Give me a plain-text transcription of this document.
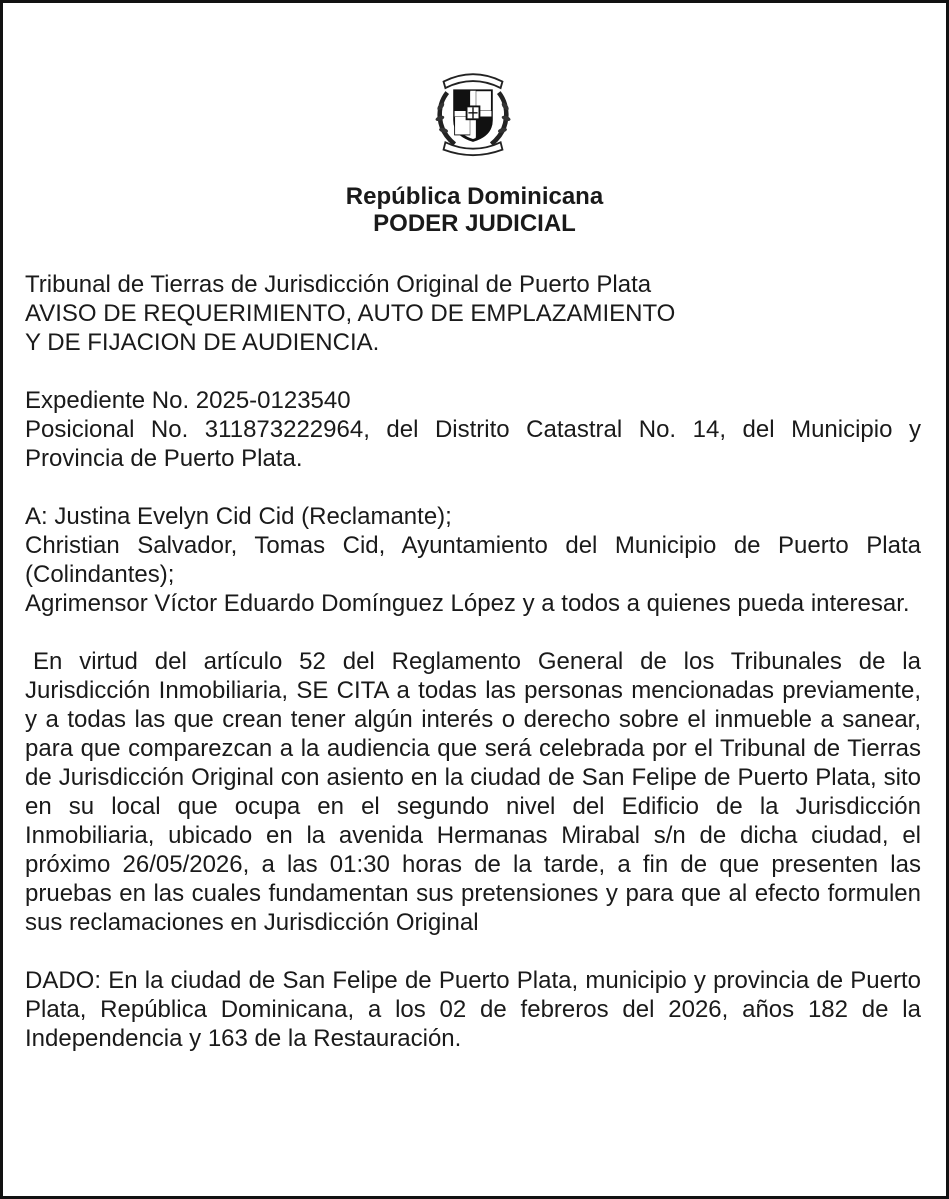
República Dominicana
PODER JUDICIAL

Tribunal de Tierras de Jurisdicción Original de Puerto Plata

AVISO DE REQUERIMIENTO, AUTO DE EMPLAZAMIENTO

Y DE FIJACION DE AUDIENCIA.

Expediente No. 2025-0123540

Posicional No. 311873222964, del Distrito Catastral No. 14, del Municipio y Provincia de Puerto Plata.

A: Justina Evelyn Cid Cid (Reclamante);

Christian Salvador, Tomas Cid, Ayuntamiento del Municipio de Puerto Plata (Colindantes);

Agrimensor Víctor Eduardo Domínguez López y a todos a quienes pueda interesar.

En virtud del artículo 52 del Reglamento General de los Tribunales de la Jurisdicción Inmobiliaria, SE CITA a todas las personas mencionadas previamente, y a todas las que crean tener algún interés o derecho sobre el inmueble a sanear, para que comparezcan a la audiencia que será celebrada por el Tribunal de Tierras de Jurisdicción Original con asiento en la ciudad de San Felipe de Puerto Plata, sito en su local que ocupa en el segundo nivel del Edificio de la Jurisdicción Inmobiliaria, ubicado en la avenida Hermanas Mirabal s/n de dicha ciudad, el próximo 26/05/2026, a las 01:30 horas de la tarde, a fin de que presenten las pruebas en las cuales fundamentan sus pretensiones y para que al efecto formulen sus reclamaciones en Jurisdicción Original

DADO: En la ciudad de San Felipe de Puerto Plata, municipio y provincia de Puerto Plata, República Dominicana, a los 02 de febreros del 2026, años 182 de la Independencia y 163 de la Restauración.
